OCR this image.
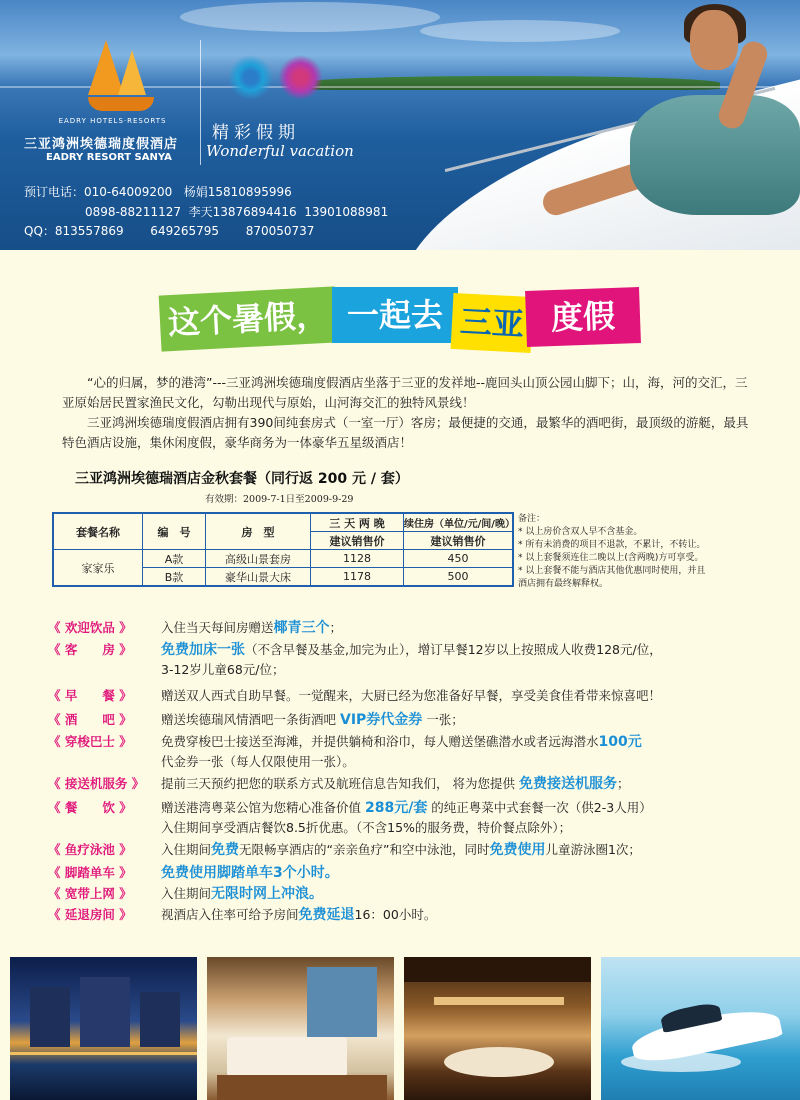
EADRY HOTELS·RESORTS
三亚鸿洲埃德瑞度假酒店
EADRY RESORT SANYA
精彩假期
Wonderful vacation
预订电话：010-64009200   杨娟15810895996
0898-88211127  李天13876894416  13901088981
QQ：813557869       649265795       870050737
这个暑假， 一起去 三亚 度假

“心的归属，梦的港湾”---三亚鸿洲埃德瑞度假酒店坐落于三亚的发祥地--鹿回头山顶公园山脚下；山，海，河的交汇，三亚原始居民置家渔民文化，勾勒出现代与原始，山河海交汇的独特风景线！

三亚鸿洲埃德瑞度假酒店拥有390间纯套房式（一室一厅）客房；最便捷的交通，最繁华的酒吧街，最顶级的游艇，最具特色酒店设施，集休闲度假，豪华商务为一体豪华五星级酒店！

三亚鸿洲埃德瑞酒店金秋套餐（同行返 200 元 / 套）
有效期：2009-7-1日至2009-9-29
套餐名称	编　号	房　型	三 天 两 晚	续住房（单位/元/间/晚）
			建议销售价	建议销售价
家家乐	A款	高级山景套房	1128	450
	B款	豪华山景大床	1178	500
备注：
* 以上房价含双人早不含基金。
* 所有未消费的项目不退款，不累计，不转让。
* 以上套餐须连住二晚以上(含两晚)方可享受。
* 以上套餐不能与酒店其他优惠同时使用，并且
酒店拥有最终解释权。
《 欢迎饮品 》	入住当天每间房赠送椰青三个；
《 客　　房 》	免费加床一张（不含早餐及基金,加完为止），增订早餐12岁以上按照成人收费128元/位，
3-12岁儿童68元/位；
《 早　　餐 》	赠送双人西式自助早餐。一觉醒来，大厨已经为您准备好早餐，享受美食佳肴带来惊喜吧！
《 酒　　吧 》	赠送埃德瑞风情酒吧一条街酒吧 VIP券代金券 一张；
《 穿梭巴士 》	免费穿梭巴士接送至海滩，并提供躺椅和浴巾，每人赠送堡礁潜水或者远海潜水100元
代金券一张（每人仅限使用一张）。
《 接送机服务 》	提前三天预约把您的联系方式及航班信息告知我们， 将为您提供 免费接送机服务；
《 餐　　饮 》	赠送港湾粤菜公馆为您精心准备价值 288元/套 的纯正粤菜中式套餐一次（供2-3人用）
入住期间享受酒店餐饮8.5折优惠。（不含15%的服务费，特价餐点除外）；
《 鱼疗泳池 》	入住期间免费无限畅享酒店的“亲亲鱼疗”和空中泳池，同时免费使用儿童游泳圈1次；
《 脚踏单车 》	免费使用脚踏单车3个小时。
《 宽带上网 》	入住期间无限时网上冲浪。
《 延退房间 》	视酒店入住率可给予房间免费延退16：00小时。
